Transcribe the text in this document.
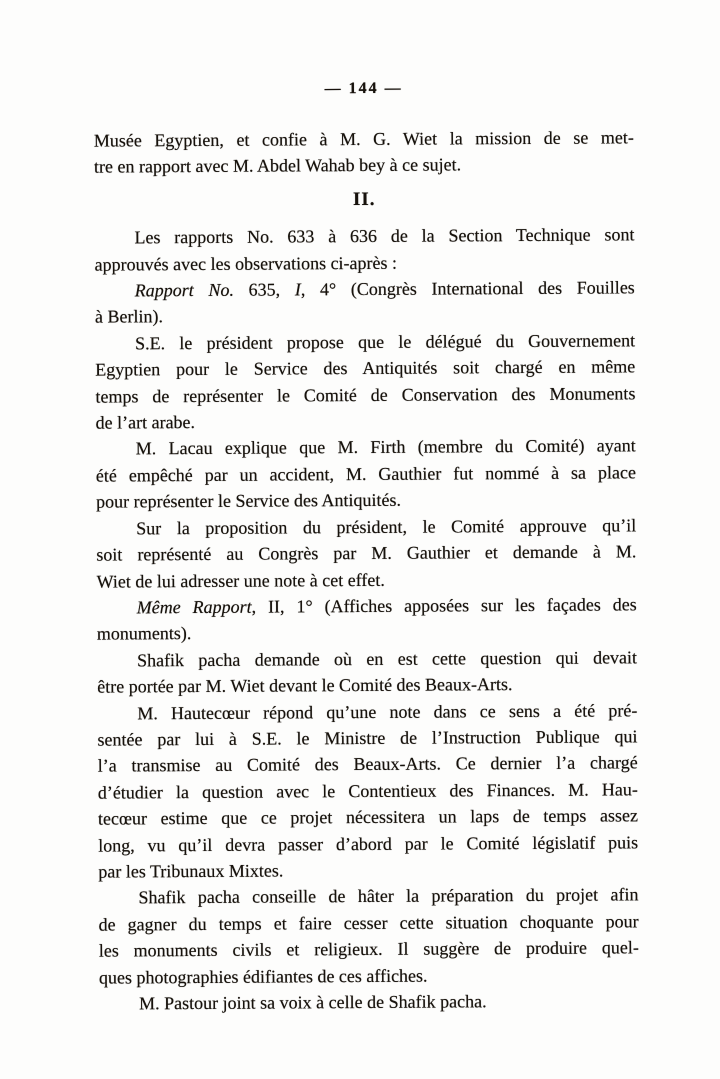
— 144 —

Musée Egyptien, et confie à M. G. Wiet la mission de se met-
tre en rapport avec M. Abdel Wahab bey à ce sujet.

II.

Les rapports No. 633 à 636 de la Section Technique sont
approuvés avec les observations ci-après :

Rapport No. 635, I, 4° (Congrès International des Fouilles
à Berlin).

S.E. le président propose que le délégué du Gouvernement
Egyptien pour le Service des Antiquités soit chargé en même
temps de représenter le Comité de Conservation des Monuments
de l’art arabe.

M. Lacau explique que M. Firth (membre du Comité) ayant
été empêché par un accident, M. Gauthier fut nommé à sa place
pour représenter le Service des Antiquités.

Sur la proposition du président, le Comité approuve qu’il
soit représenté au Congrès par M. Gauthier et demande à M.
Wiet de lui adresser une note à cet effet.

Même Rapport, II, 1° (Affiches apposées sur les façades des
monuments).

Shafik pacha demande où en est cette question qui devait
être portée par M. Wiet devant le Comité des Beaux-Arts.

M. Hautecœur répond qu’une note dans ce sens a été pré-
sentée par lui à S.E. le Ministre de l’Instruction Publique qui
l’a transmise au Comité des Beaux-Arts. Ce dernier l’a chargé
d’étudier la question avec le Contentieux des Finances. M. Hau-
tecœur estime que ce projet nécessitera un laps de temps assez
long, vu qu’il devra passer d’abord par le Comité législatif puis
par les Tribunaux Mixtes.

Shafik pacha conseille de hâter la préparation du projet afin
de gagner du temps et faire cesser cette situation choquante pour
les monuments civils et religieux. Il suggère de produire quel-
ques photographies édifiantes de ces affiches.

M. Pastour joint sa voix à celle de Shafik pacha.
